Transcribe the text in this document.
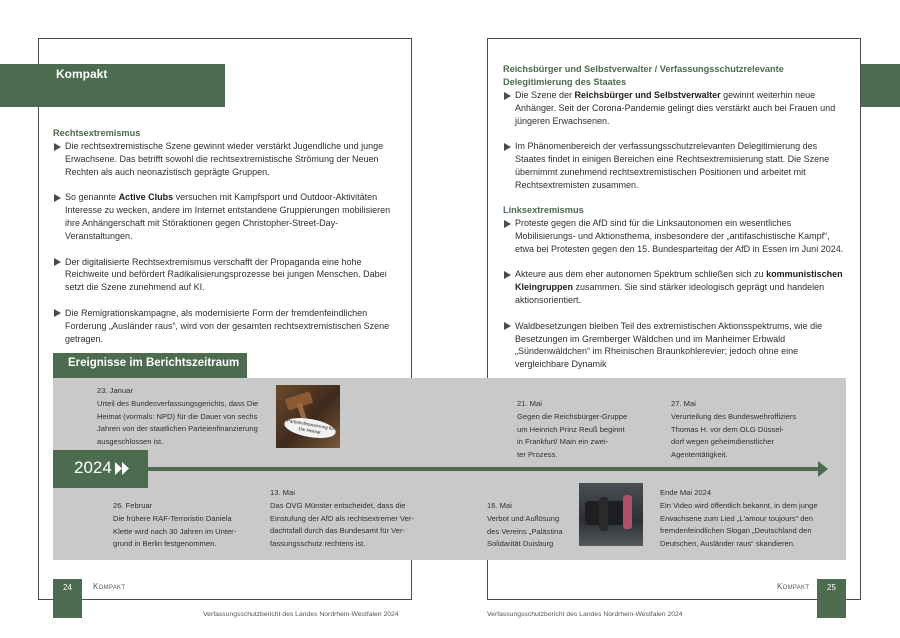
Kompakt
Rechtsextremismus
Die rechtsextremistische Szene gewinnt wieder verstärkt Jugendliche und junge Erwachsene. Das betrifft sowohl die rechtsextremistische Strömung der Neuen Rechten als auch neonazistisch geprägte Gruppen.
So genannte Active Clubs versuchen mit Kampfsport und Outdoor-Aktivitäten Interesse zu wecken, andere im Internet entstandene Gruppierungen mobilisieren ihre Anhängerschaft mit Störaktionen gegen Christopher-Street-Day-Veranstaltungen.
Der digitalisierte Rechtsextremismus verschafft der Propaganda eine hohe Reichweite und befördert Radikalisierungsprozesse bei jungen Menschen. Dabei setzt die Szene zunehmend auf KI.
Die Remigrationskampagne, als modernisierte Form der fremdenfeindlichen Forderung „Ausländer raus“, wird von der gesamten rechtsextremistischen Szene getragen.
Reichsbürger und Selbstverwalter / Verfassungsschutzrelevante Delegitimierung des Staates
Die Szene der Reichsbürger und Selbstverwalter gewinnt weiterhin neue Anhänger. Seit der Corona-Pandemie gelingt dies verstärkt auch bei Frauen und jüngeren Erwachsenen.
Im Phänomenbereich der verfassungsschutzrelevanten Delegitimierung des Staates findet in einigen Bereichen eine Rechtsextremisierung statt. Die Szene übernimmt zunehmend rechtsextremistischen Positionen und arbeitet mit Rechtsextremisten zusammen.
Linksextremismus
Proteste gegen die AfD sind für die Linksautonomen ein wesentliches Mobilisierungs- und Aktionsthema, insbesondere der „antifaschistische Kampf“, etwa bei Protesten gegen den 15. Bundesparteitag der AfD in Essen im Juni 2024.
Akteure aus dem eher autonomen Spektrum schließen sich zu kommunistischen Kleingruppen zusammen. Sie sind stärker ideologisch geprägt und handelen aktionsorientiert.
Waldbesetzungen bleiben Teil des extremistischen Aktionsspektrums, wie die Besetzungen im Gremberger Wäldchen und im Manheimer Erbwald „Sündenwäldchen“ im Rheinischen Braunkohlerevier; jedoch ohne eine vergleichbare Dynamik
Ereignisse im Berichtszeitraum
2024
Parteienfinanzierung für Die Heimat
23. Januar
Urteil des Bundesverfassungsgerichts, dass Die
Heimat (vormals: NPD) für die Dauer von sechs
Jahren von der staatlichen Parteienfinanzierung
ausgeschlossen ist.
21. Mai
Gegen die Reichsbürger-Gruppe
um Heinrich Prinz Reuß beginnt
in Frankfurt/ Main ein zwei-
ter Prozess.
27. Mai
Verurteilung des Bundeswehroffiziers
Thomas H. vor dem OLG Düssel-
dorf wegen geheimdienstlicher
Agententätigkeit.
26. Februar
Die frühere RAF-Terroristin Daniela
Klette wird nach 30 Jahren im Unter-
grund in Berlin festgenommen.
13. Mai
Das OVG Münster entscheidet, dass die
Einstufung der AfD als rechtsextremer Ver-
dachtsfall durch das Bundesamt für Ver-
fassungsschutz rechtens ist.
16. Mai
Verbot und Auflösung
des Vereins „Palästina
Solidarität Duisburg
Ende Mai 2024
Ein Video wird öffentlich bekannt, in dem junge
Erwachsene zum Lied „L'amour toujours“ den
fremdenfeindlichen Slogan „Deutschland den
Deutschen, Ausländer raus“ skandieren.
24	Kompakt	25
Kompakt
Verfassungsschutzbericht des Landes Nordrhein-Westfalen 2024	Verfassungsschutzbericht des Landes Nordrhein-Westfalen 2024
